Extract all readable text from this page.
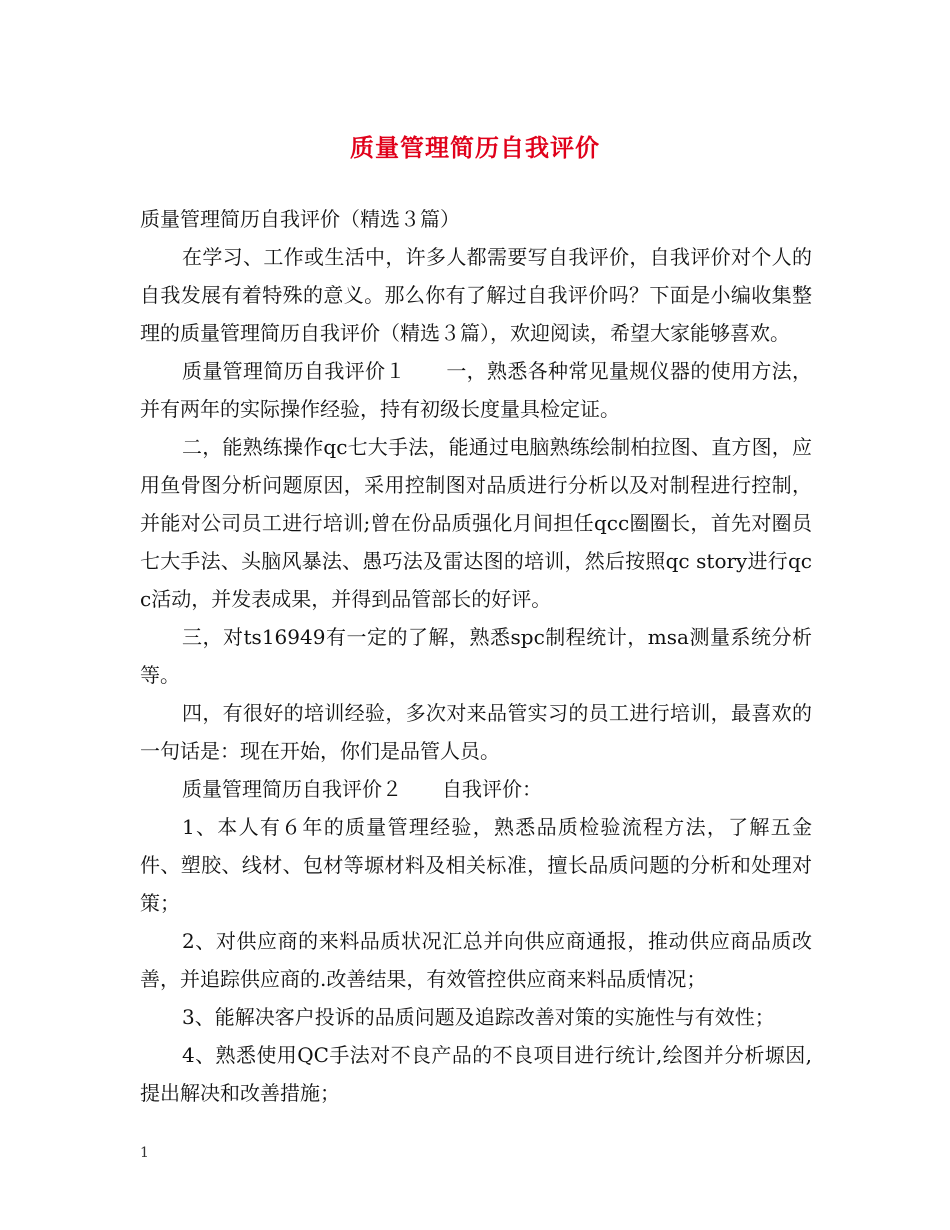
质量管理简历自我评价

质量管理简历自我评价（精选３篇）

在学习、工作或生活中，许多人都需要写自我评价，自我评价对个人的自我发展有着特殊的意义。那么你有了解过自我评价吗？下面是小编收集整理的质量管理简历自我评价（精选３篇），欢迎阅读，希望大家能够喜欢。

质量管理简历自我评价１　　一，熟悉各种常见量规仪器的使用方法，并有两年的实际操作经验，持有初级长度量具检定证。

二，能熟练操作qc七大手法，能通过电脑熟练绘制柏拉图、直方图，应用鱼骨图分析问题原因，采用控制图对品质进行分析以及对制程进行控制，并能对公司员工进行培训;曾在份品质强化月间担任qcc圈圈长，首先对圈员七大手法、头脑风暴法、愚巧法及雷达图的培训，然后按照qc story进行qcc活动，并发表成果，并得到品管部长的好评。

三，对ts16949有一定的了解，熟悉spc制程统计，msa测量系统分析等。

四，有很好的培训经验，多次对来品管实习的员工进行培训，最喜欢的一句话是：现在开始，你们是品管人员。

质量管理简历自我评价２　　自我评价：

1、本人有６年的质量管理经验，熟悉品质检验流程方法，了解五金件、塑胶、线材、包材等塬材料及相关标准，擅长品质问题的分析和处理对策；

2、对供应商的来料品质状况汇总并向供应商通报，推动供应商品质改善，并追踪供应商的.改善结果，有效管控供应商来料品质情况；

3、能解决客户投诉的品质问题及追踪改善对策的实施性与有效性；

4、熟悉使用QC手法对不良产品的不良项目进行统计,绘图并分析塬因,提出解决和改善措施；

1
